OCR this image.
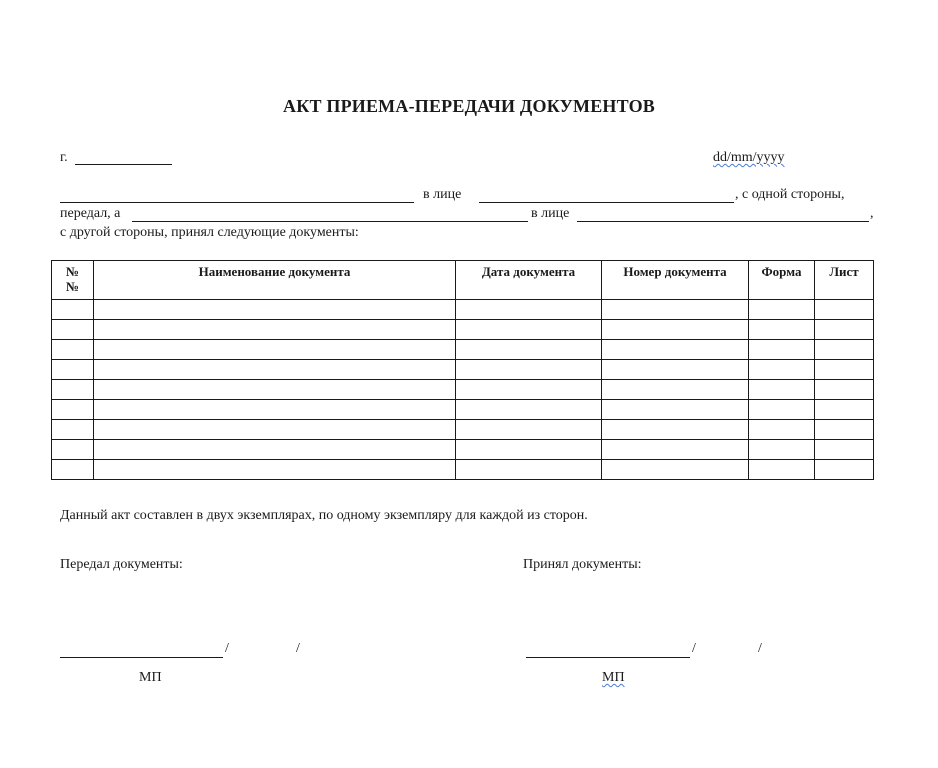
АКТ ПРИЕМА-ПЕРЕДАЧИ ДОКУМЕНТОВ
г.	dd/mm/yyyy
в лице	, с одной стороны,
передал, а	в лице	,
с другой стороны, принял следующие документы:
№ №	Наименование документа	Дата документа	Номер документа	Форма	Лист

Данный акт составлен в двух экземплярах, по одному экземпляру для каждой из сторон.
Передал документы:	Принял документы:
/	/	/	/
МП	МП
